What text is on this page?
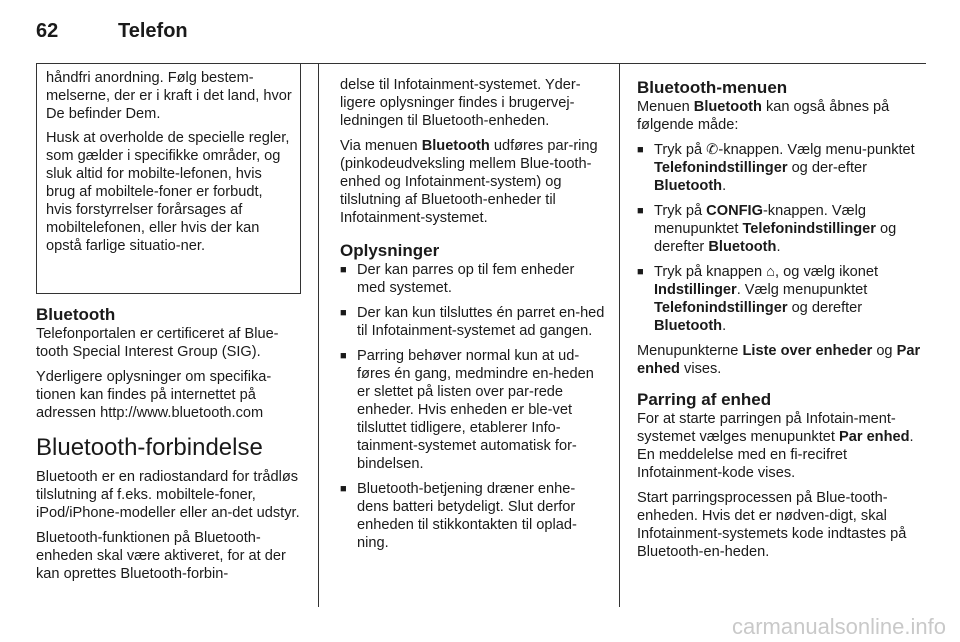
62	Telefon

håndfri anordning. Følg bestem-melserne, der er i kraft i det land, hvor De befinder Dem.

Husk at overholde de specielle regler, som gælder i specifikke områder, og sluk altid for mobilte-lefonen, hvis brug af mobiltele-foner er forbudt, hvis forstyrrelser forårsages af mobiltelefonen, eller hvis der kan opstå farlige situatio-ner.

Bluetooth

Telefonportalen er certificeret af Blue-tooth Special Interest Group (SIG).

Yderligere oplysninger om specifika-tionen kan findes på internettet på adressen http://www.bluetooth.com

Bluetooth-forbindelse

Bluetooth er en radiostandard for trådløs tilslutning af f.eks. mobiltele-foner, iPod/iPhone-modeller eller an-det udstyr.

Bluetooth-funktionen på Bluetooth-enheden skal være aktiveret, for at der kan oprettes Bluetooth-forbin-

delse til Infotainment-systemet. Yder-ligere oplysninger findes i brugervej-ledningen til Bluetooth-enheden.

Via menuen Bluetooth udføres par-ring (pinkodeudveksling mellem Blue-tooth-enhed og Infotainment-system) og tilslutning af Bluetooth-enheder til Infotainment-systemet.

Oplysninger
■ Der kan parres op til fem enheder med systemet.
■ Der kan kun tilsluttes én parret en-hed til Infotainment-systemet ad gangen.
■ Parring behøver normal kun at ud-føres én gang, medmindre en-heden er slettet på listen over par-rede enheder. Hvis enheden er ble-vet tilsluttet tidligere, etablerer Info-tainment-systemet automatisk for-bindelsen.
■ Bluetooth-betjening dræner enhe-dens batteri betydeligt. Slut derfor enheden til stikkontakten til oplad-ning.
Bluetooth-menuen

Menuen Bluetooth kan også åbnes på følgende måde:

■ Tryk på ✆-knappen. Vælg menu-punktet Telefonindstillinger og der-efter Bluetooth.
■ Tryk på CONFIG-knappen. Vælg menupunktet Telefonindstillinger og derefter Bluetooth.
■ Tryk på knappen ⌂, og vælg ikonet Indstillinger. Vælg menupunktet Telefonindstillinger og derefter Bluetooth.

Menupunkterne Liste over enheder og Par enhed vises.

Parring af enhed

For at starte parringen på Infotain-ment-systemet vælges menupunktet Par enhed. En meddelelse med en fi-recifret Infotainment-kode vises.

Start parringsprocessen på Blue-tooth-enheden. Hvis det er nødven-digt, skal Infotainment-systemets kode indtastes på Bluetooth-en-heden.

carmanualsonline.info
